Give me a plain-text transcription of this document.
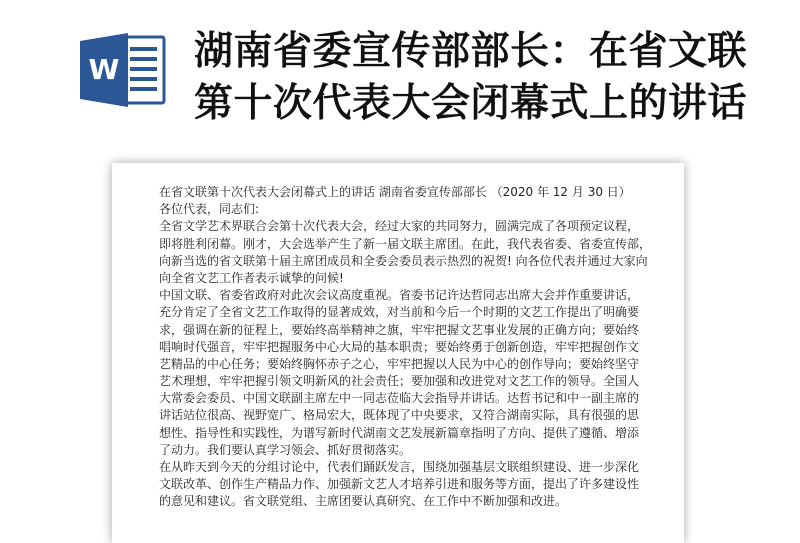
W 湖南省委宣传部部长：在省文联
第十次代表大会闭幕式上的讲话
在省文联第十次代表大会闭幕式上的讲话 湖南省委宣传部部长 （2020 年 12 月 30 日）
各位代表，同志们:
全省文学艺术界联合会第十次代表大会，经过大家的共同努力，圆满完成了各项预定议程，
即将胜利闭幕。刚才，大会选举产生了新一届文联主席团。在此，我代表省委、省委宣传部，
向新当选的省文联第十届主席团成员和全委会委员表示热烈的祝贺! 向各位代表并通过大家向
向全省文艺工作者表示诚挚的问候!
中国文联、省委省政府对此次会议高度重视。省委书记许达哲同志出席大会并作重要讲话，
充分肯定了全省文艺工作取得的显著成效，对当前和今后一个时期的文艺工作提出了明确要
求，强调在新的征程上，要始终高举精神之旗，牢牢把握文艺事业发展的正确方向；要始终
唱响时代强音，牢牢把握服务中心大局的基本职责；要始终勇于创新创造，牢牢把握创作文
艺精品的中心任务；要始终胸怀赤子之心，牢牢把握以人民为中心的创作导向；要始终坚守
艺术理想，牢牢把握引领文明新风的社会责任；要加强和改进党对文艺工作的领导。全国人
大常委会委员、中国文联副主席左中一同志莅临大会指导并讲话。达哲书记和中一副主席的
讲话站位很高、视野宽广、格局宏大，既体现了中央要求，又符合湖南实际，具有很强的思
想性、指导性和实践性，为谱写新时代湖南文艺发展新篇章指明了方向、提供了遵循、增添
了动力。我们要认真学习领会、抓好贯彻落实。
在从昨天到今天的分组讨论中，代表们踊跃发言，围绕加强基层文联组织建设、进一步深化
文联改革、创作生产精品力作、加强新文艺人才培养引进和服务等方面，提出了许多建设性
的意见和建议。省文联党组、主席团要认真研究、在工作中不断加强和改进。
